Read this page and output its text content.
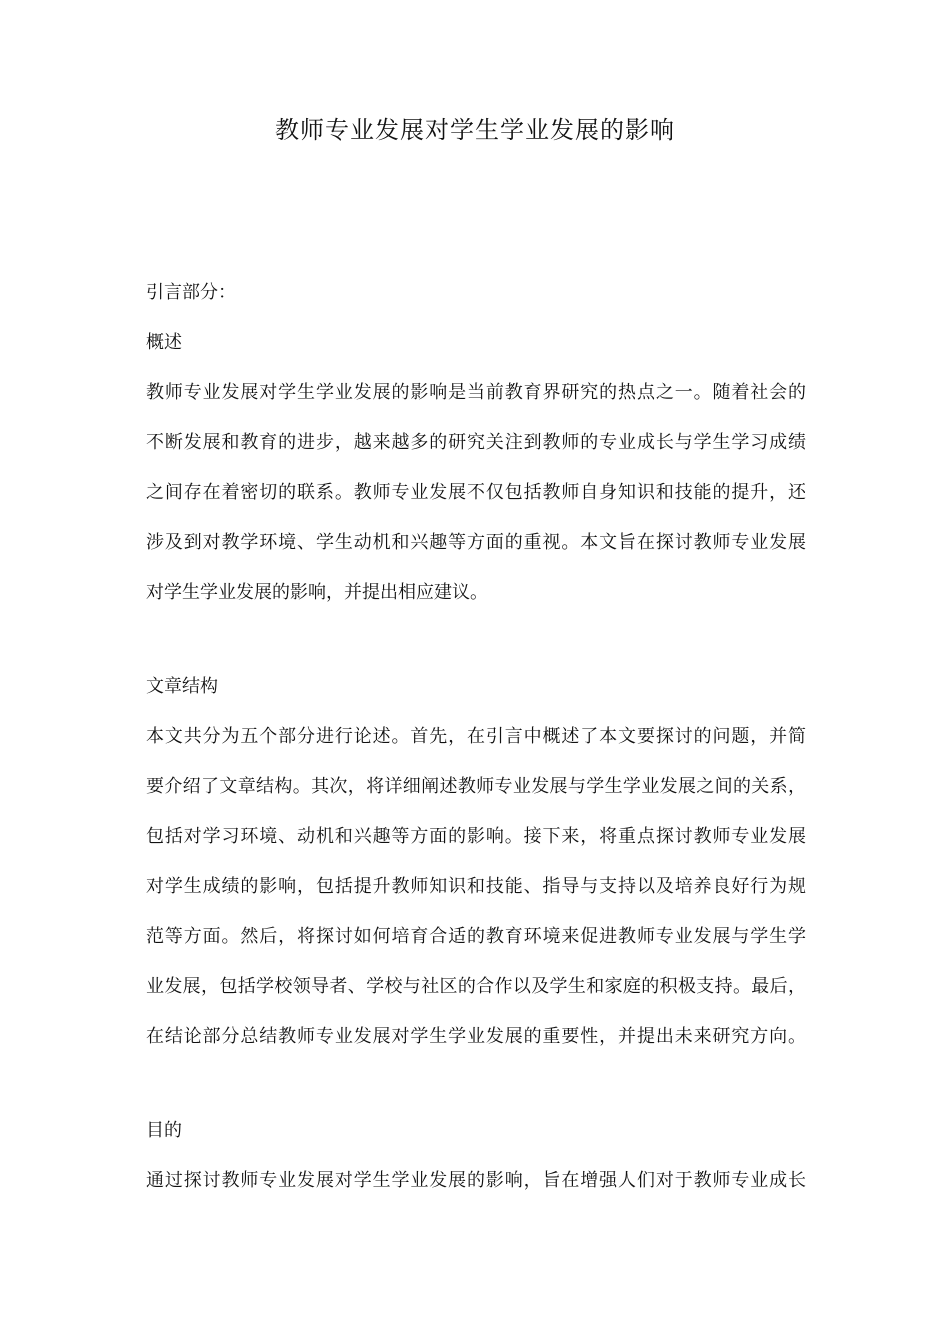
教师专业发展对学生学业发展的影响
引言部分：
概述
教师专业发展对学生学业发展的影响是当前教育界研究的热点之一。随着社会的
不断发展和教育的进步，越来越多的研究关注到教师的专业成长与学生学习成绩
之间存在着密切的联系。教师专业发展不仅包括教师自身知识和技能的提升，还
涉及到对教学环境、学生动机和兴趣等方面的重视。本文旨在探讨教师专业发展
对学生学业发展的影响，并提出相应建议。
文章结构
本文共分为五个部分进行论述。首先，在引言中概述了本文要探讨的问题，并简
要介绍了文章结构。其次，将详细阐述教师专业发展与学生学业发展之间的关系，
包括对学习环境、动机和兴趣等方面的影响。接下来，将重点探讨教师专业发展
对学生成绩的影响，包括提升教师知识和技能、指导与支持以及培养良好行为规
范等方面。然后，将探讨如何培育合适的教育环境来促进教师专业发展与学生学
业发展，包括学校领导者、学校与社区的合作以及学生和家庭的积极支持。最后，
在结论部分总结教师专业发展对学生学业发展的重要性，并提出未来研究方向。
目的
通过探讨教师专业发展对学生学业发展的影响，旨在增强人们对于教师专业成长
